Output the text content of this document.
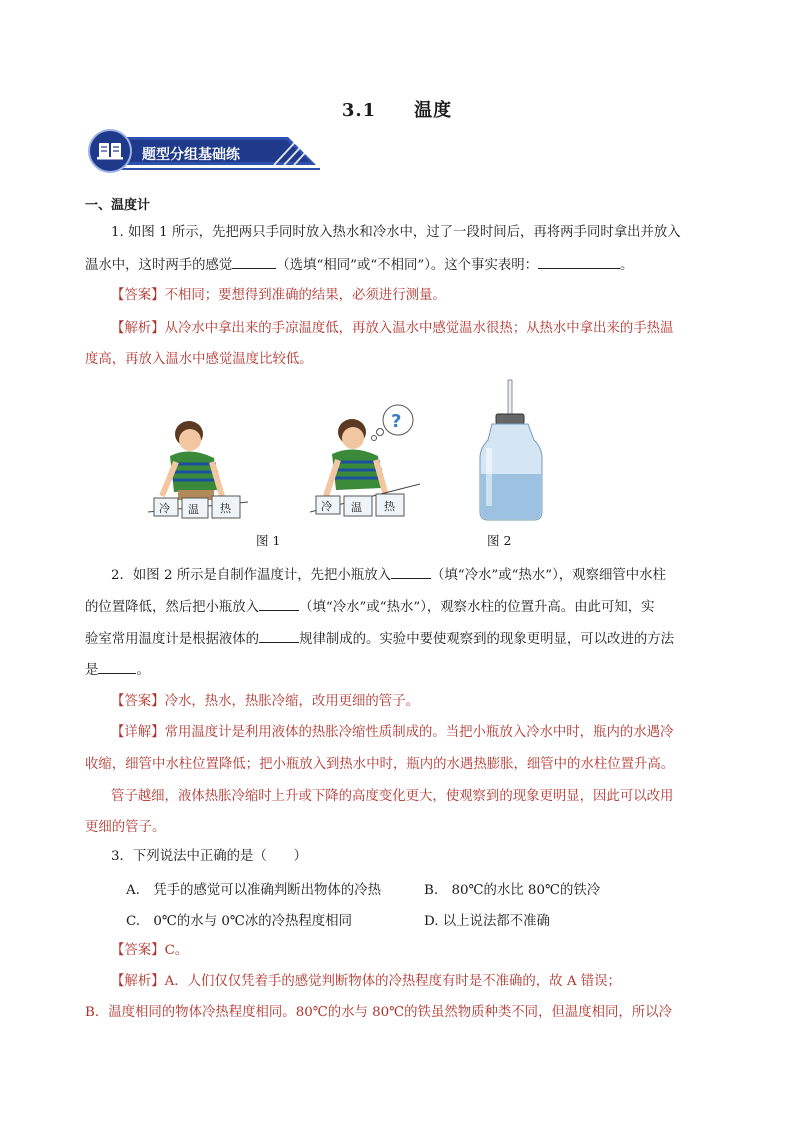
3.1 温度
题型分组基础练
一、温度计
1. 如图 1 所示，先把两只手同时放入热水和冷水中，过了一段时间后，再将两手同时拿出并放入
温水中，这时两手的感觉	（选填“相同”或“不相同”）。这个事实表明：	。
【答案】不相同；要想得到准确的结果，必须进行测量。
【解析】从冷水中拿出来的手凉温度低，再放入温水中感觉温水很热；从热水中拿出来的手热温
度高，再放入温水中感觉温度比较低。
冷 温 热
?
冷 温 热
图 1	图 2
2．如图 2 所示是自制作温度计，先把小瓶放入	（填“冷水”或“热水”），观察细管中水柱
的位置降低，然后把小瓶放入	（填“冷水”或“热水”），观察水柱的位置升高。由此可知，实
验室常用温度计是根据液体的	规律制成的。实验中要使观察到的现象更明显，可以改进的方法
是	。
【答案】冷水，热水，热胀冷缩，改用更细的管子。
【详解】常用温度计是利用液体的热胀冷缩性质制成的。当把小瓶放入冷水中时，瓶内的水遇冷
收缩，细管中水柱位置降低；把小瓶放入到热水中时，瓶内的水遇热膨胀，细管中的水柱位置升高。
管子越细，液体热胀冷缩时上升或下降的高度变化更大，使观察到的现象更明显，因此可以改用
更细的管子。
3．下列说法中正确的是（　　）
A.　凭手的感觉可以准确判断出物体的冷热	B.　80℃的水比 80℃的铁冷
C.　0℃的水与 0℃冰的冷热程度相同	D. 以上说法都不准确
【答案】C。
【解析】A．人们仅仅凭着手的感觉判断物体的冷热程度有时是不准确的，故 A 错误；
B．温度相同的物体冷热程度相同。80℃的水与 80℃的铁虽然物质种类不同，但温度相同，所以冷
